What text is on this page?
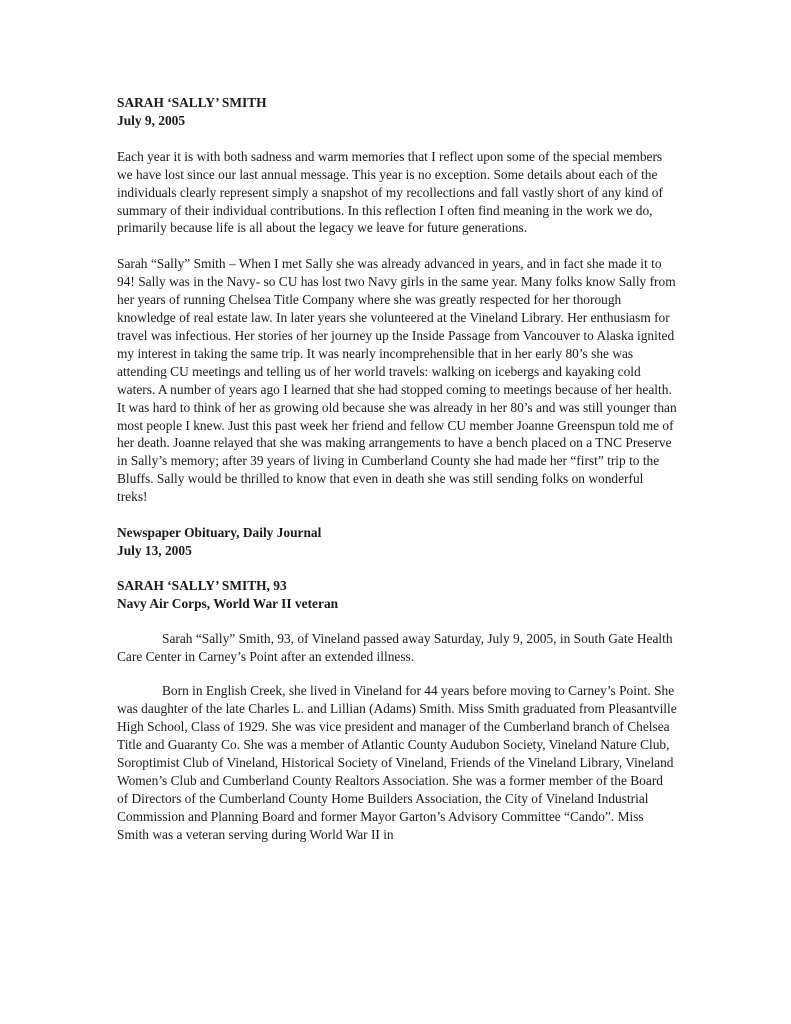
SARAH ‘SALLY’ SMITH

July 9, 2005

Each year it is with both sadness and warm memories that I reflect upon some of the special members we have lost since our last annual message. This year is no exception. Some details about each of the individuals clearly represent simply a snapshot of my recollections and fall vastly short of any kind of summary of their individual contributions. In this reflection I often find meaning in the work we do, primarily because life is all about the legacy we leave for future generations.

Sarah “Sally” Smith – When I met Sally she was already advanced in years, and in fact she made it to 94! Sally was in the Navy- so CU has lost two Navy girls in the same year. Many folks know Sally from her years of running Chelsea Title Company where she was greatly respected for her thorough knowledge of real estate law. In later years she volunteered at the Vineland Library. Her enthusiasm for travel was infectious. Her stories of her journey up the Inside Passage from Vancouver to Alaska ignited my interest in taking the same trip. It was nearly incomprehensible that in her early 80’s she was attending CU meetings and telling us of her world travels: walking on icebergs and kayaking cold waters. A number of years ago I learned that she had stopped coming to meetings because of her health. It was hard to think of her as growing old because she was already in her 80’s and was still younger than most people I knew. Just this past week her friend and fellow CU member Joanne Greenspun told me of her death. Joanne relayed that she was making arrangements to have a bench placed on a TNC Preserve in Sally’s memory; after 39 years of living in Cumberland County she had made her “first” trip to the Bluffs. Sally would be thrilled to know that even in death she was still sending folks on wonderful treks!

Newspaper Obituary, Daily Journal

July 13, 2005

SARAH ‘SALLY’ SMITH, 93

Navy Air Corps, World War II veteran

Sarah “Sally” Smith, 93, of Vineland passed away Saturday, July 9, 2005, in South Gate Health Care Center in Carney’s Point after an extended illness.

Born in English Creek, she lived in Vineland for 44 years before moving to Carney’s Point. She was daughter of the late Charles L. and Lillian (Adams) Smith. Miss Smith graduated from Pleasantville High School, Class of 1929. She was vice president and manager of the Cumberland branch of Chelsea Title and Guaranty Co. She was a member of Atlantic County Audubon Society, Vineland Nature Club, Soroptimist Club of Vineland, Historical Society of Vineland, Friends of the Vineland Library, Vineland Women’s Club and Cumberland County Realtors Association. She was a former member of the Board of Directors of the Cumberland County Home Builders Association, the City of Vineland Industrial Commission and Planning Board and former Mayor Garton’s Advisory Committee “Cando”. Miss Smith was a veteran serving during World War II in
